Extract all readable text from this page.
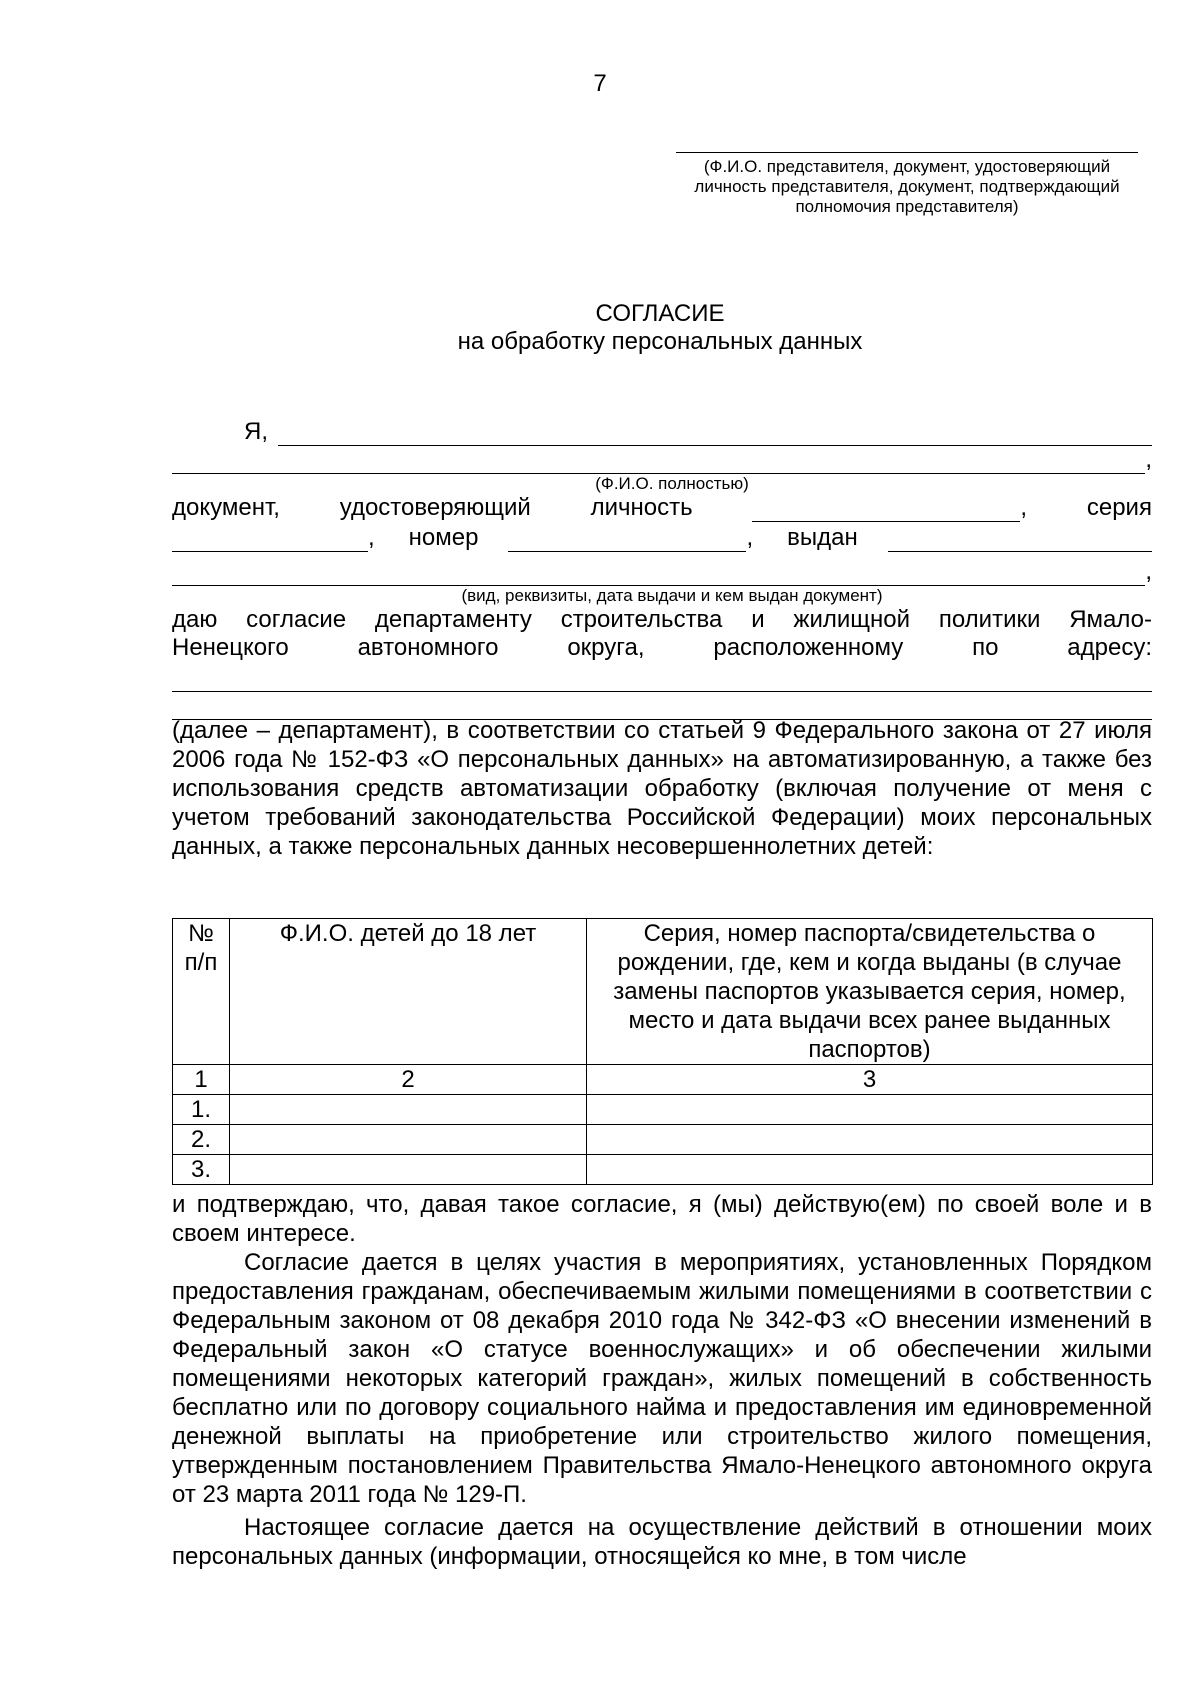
7
(Ф.И.О. представителя, документ, удостоверяющий личность представителя, документ, подтверждающий полномочия представителя)
СОГЛАСИЕ
на обработку персональных данных
Я,
,
(Ф.И.О. полностью)
документ, удостоверяющий личность	, серия
, номер	, выдан
,
(вид, реквизиты, дата выдачи и кем выдан документ)
даю согласие департаменту строительства и жилищной политики Ямало-
Ненецкого	автономного	округа,	расположенному	по	адресу:

(далее – департамент), в соответствии со статьей 9 Федерального закона от 27 июля 2006 года № 152-ФЗ «О персональных данных» на автоматизированную, а также без использования средств автоматизации обработку (включая получение от меня с учетом требований законодательства Российской Федерации) моих персональных данных, а также персональных данных несовершеннолетних детей:

№ п/п	Ф.И.О. детей до 18 лет	Серия, номер паспорта/свидетельства о рождении, где, кем и когда выданы (в случае замены паспортов указывается серия, номер, место и дата выдачи всех ранее выданных паспортов)
1	2	3
1.		
2.		
3.		

и подтверждаю, что, давая такое согласие, я (мы) действую(ем) по своей воле и в своем интересе.

Согласие дается в целях участия в мероприятиях, установленных Порядком предоставления гражданам, обеспечиваемым жилыми помещениями в соответствии с Федеральным законом от 08 декабря 2010 года № 342-ФЗ «О внесении изменений в Федеральный закон «О статусе военнослужащих» и об обеспечении жилыми помещениями некоторых категорий граждан», жилых помещений в собственность бесплатно или по договору социального найма и предоставления им единовременной денежной выплаты на приобретение или строительство жилого помещения, утвержденным постановлением Правительства Ямало-Ненецкого автономного округа от 23 марта 2011 года № 129-П.

Настоящее согласие дается на осуществление действий в отношении моих персональных данных (информации, относящейся ко мне, в том числе
